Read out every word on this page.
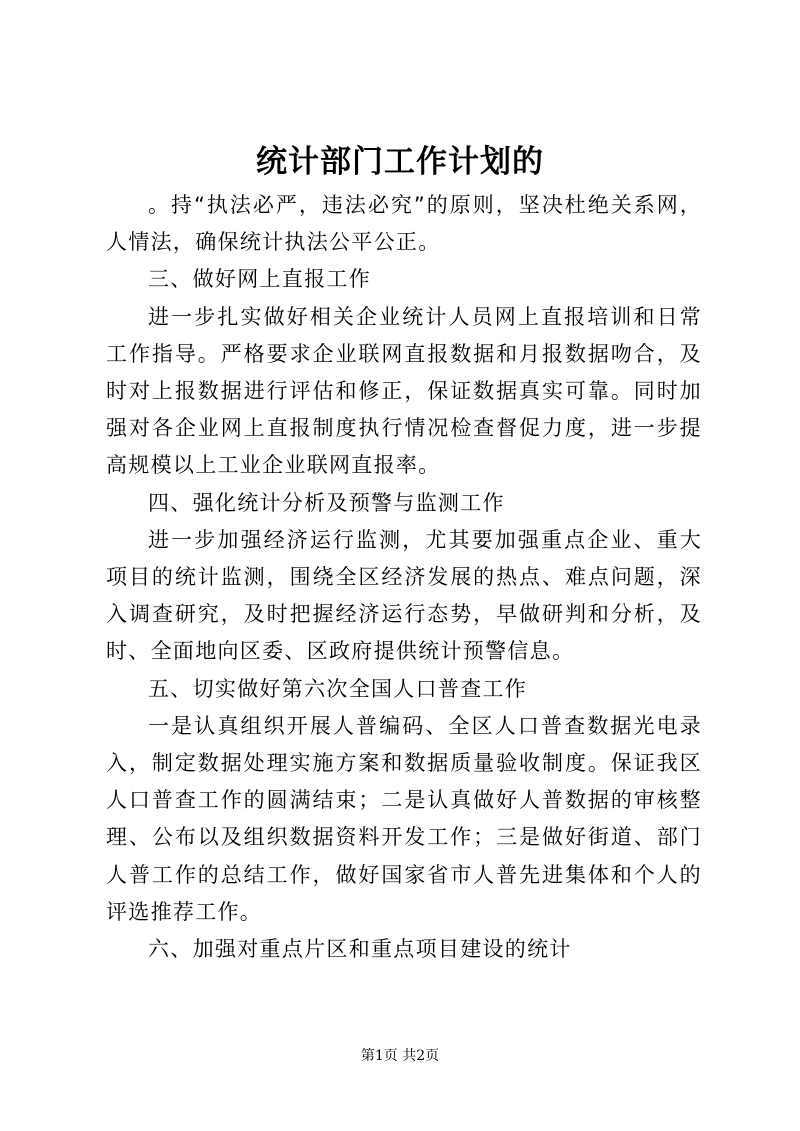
统计部门工作计划的

。持“执法必严，违法必究”的原则，坚决杜绝关系网，人情法，确保统计执法公平公正。

三、做好网上直报工作

进一步扎实做好相关企业统计人员网上直报培训和日常工作指导。严格要求企业联网直报数据和月报数据吻合，及时对上报数据进行评估和修正，保证数据真实可靠。同时加强对各企业网上直报制度执行情况检查督促力度，进一步提高规模以上工业企业联网直报率。

四、强化统计分析及预警与监测工作

进一步加强经济运行监测，尤其要加强重点企业、重大项目的统计监测，围绕全区经济发展的热点、难点问题，深入调查研究，及时把握经济运行态势，早做研判和分析，及时、全面地向区委、区政府提供统计预警信息。

五、切实做好第六次全国人口普查工作

一是认真组织开展人普编码、全区人口普查数据光电录入，制定数据处理实施方案和数据质量验收制度。保证我区人口普查工作的圆满结束；二是认真做好人普数据的审核整理、公布以及组织数据资料开发工作；三是做好街道、部门人普工作的总结工作，做好国家省市人普先进集体和个人的评选推荐工作。

六、加强对重点片区和重点项目建设的统计

第1页 共2页
